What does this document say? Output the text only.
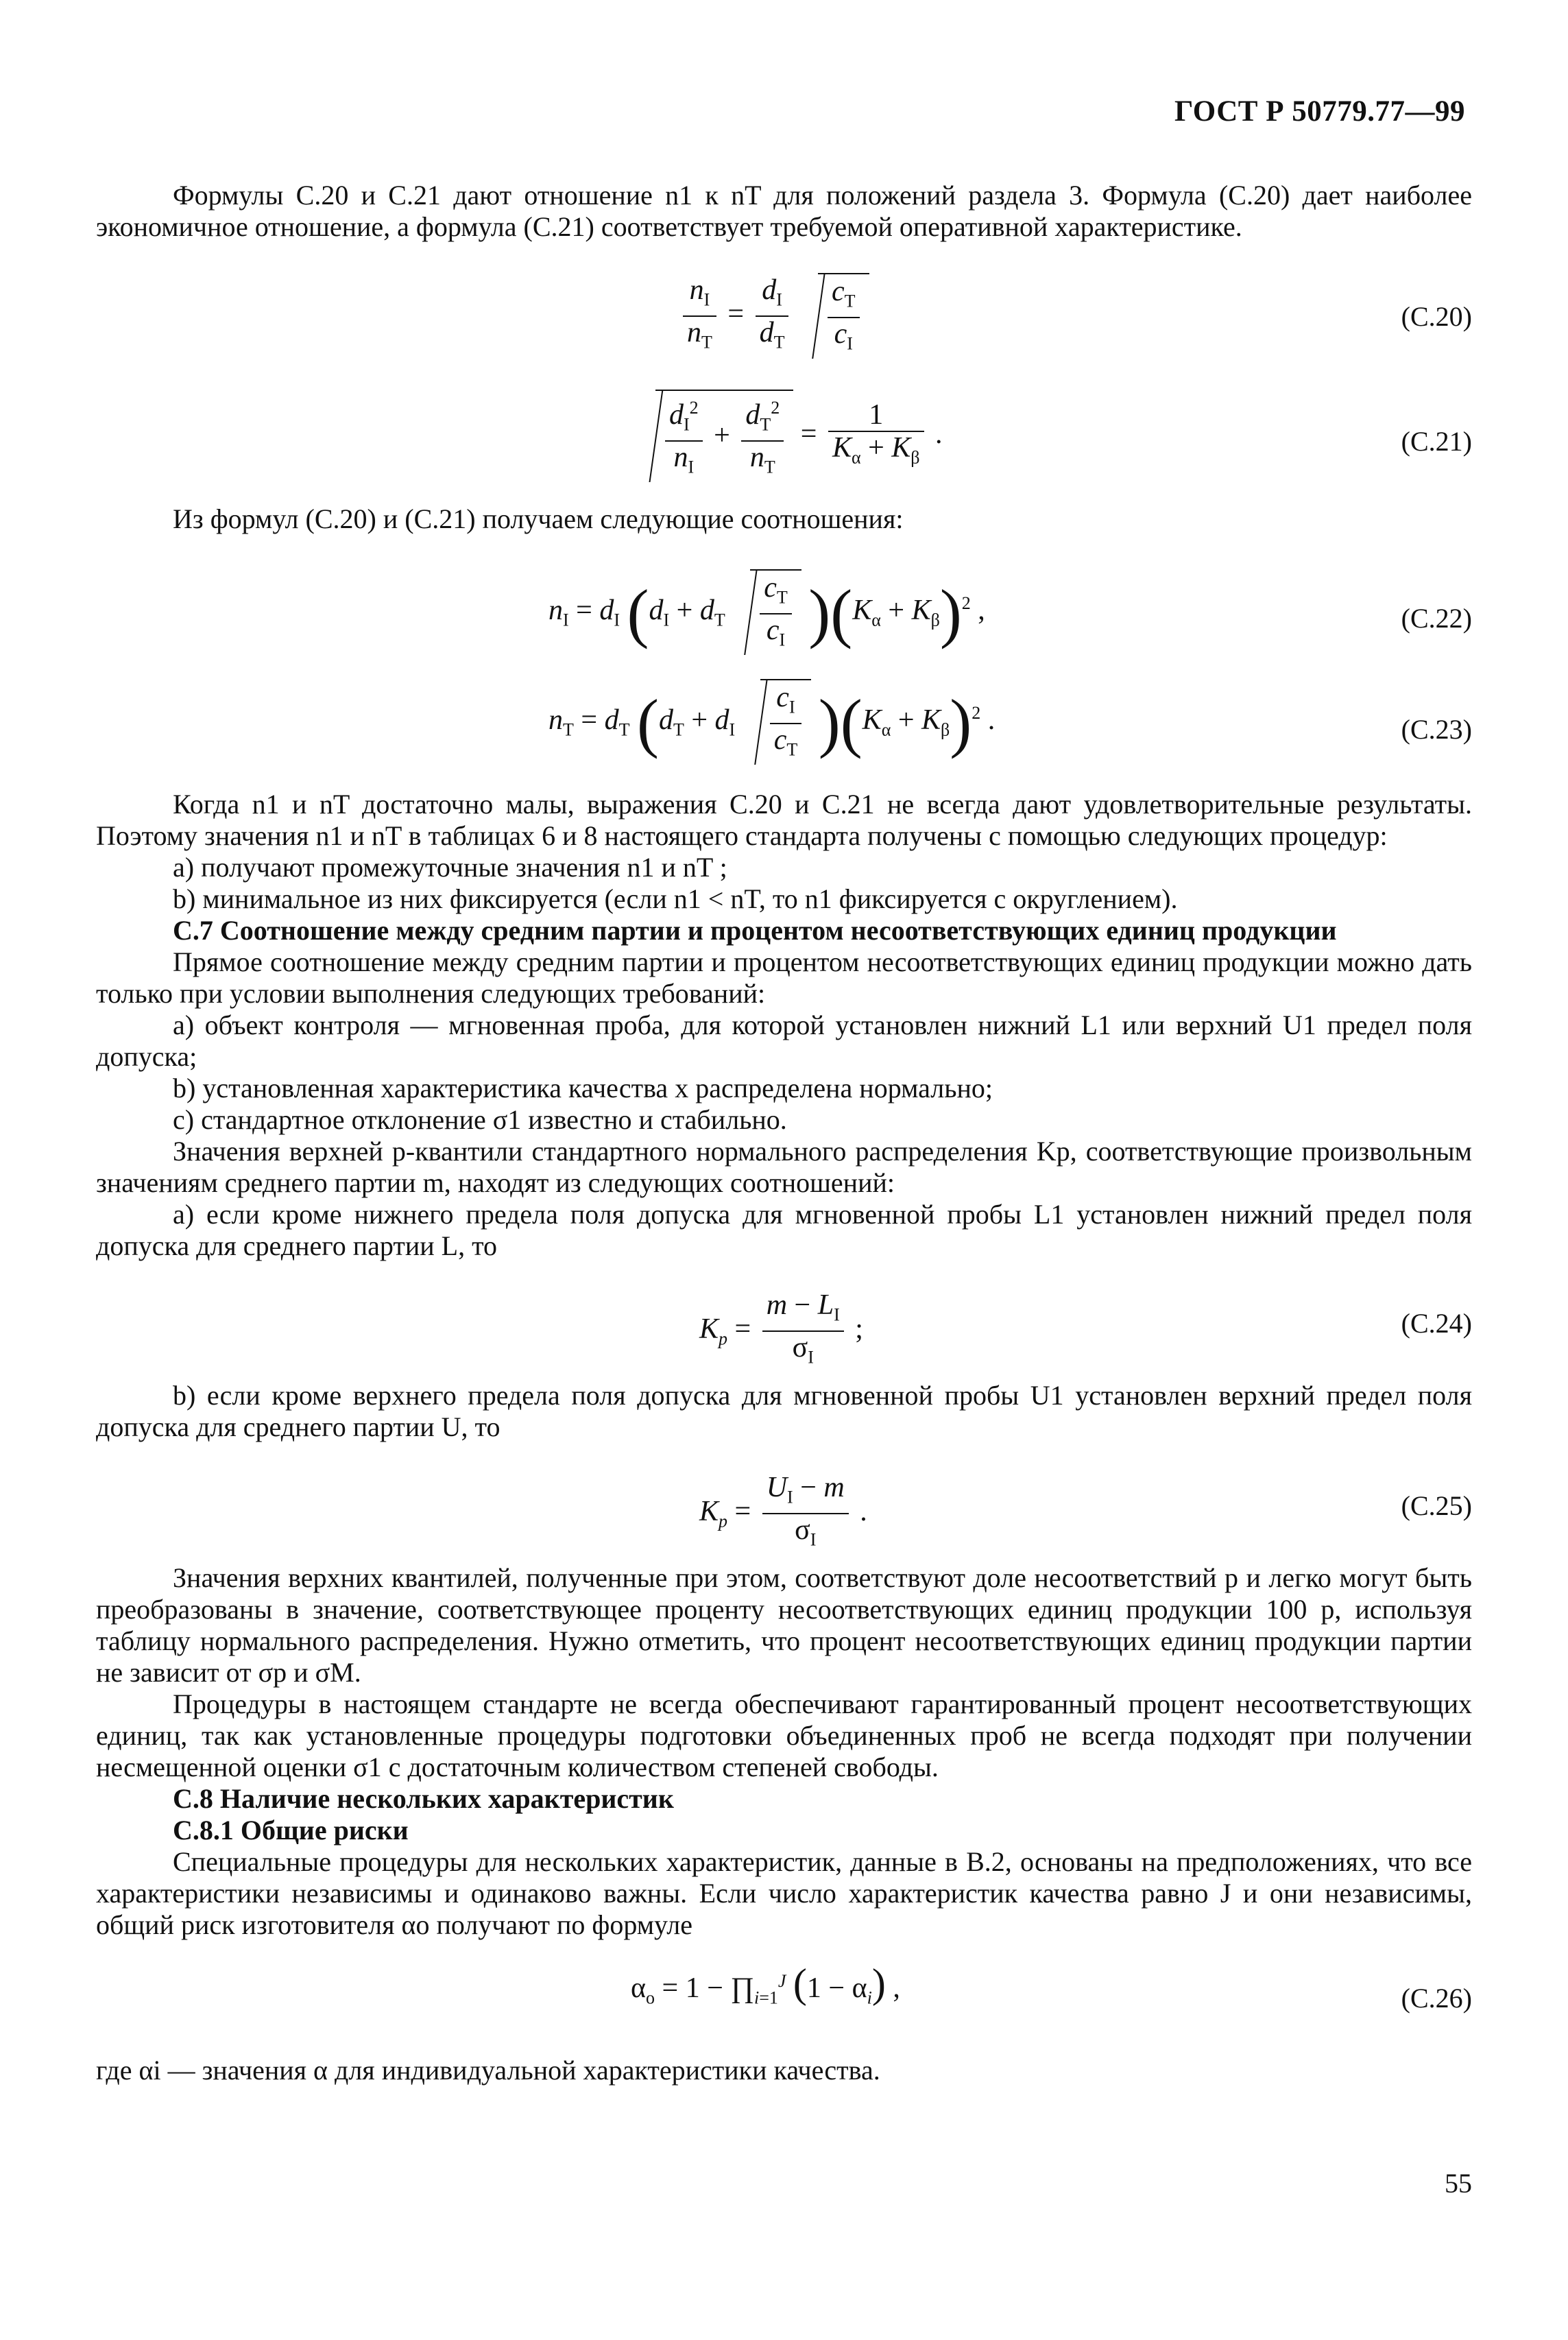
ГОСТ Р 50779.77—99
Формулы С.20 и С.21 дают отношение n1 к nT для положений раздела 3. Формула (С.20) дает наиболее экономичное отношение, а формула (С.21) соответствует требуемой оперативной характеристике.
$\frac{n_I}{n_T} = \frac{d_I}{d_T}$
$\frac{c_T}{c_I}$	(С.20)
$\frac{d_I^2}{n_I} + \frac{d_T^2}{n_T} = \frac{1}{K_\alpha + K_\beta}$ .	(С.21)
Из формул (С.20) и (С.21) получаем следующие соотношения:
$n_I = d_I$ $(d_I + d_T \frac{c_T}{c_I} )(K_\alpha + K_\beta)^2$ ,	(С.22)
$n_T = d_T$ $(d_T + d_I \frac{c_I}{c_T} )(K_\alpha + K_\beta)^2$ .	(С.23)
Когда n1 и nT достаточно малы, выражения С.20 и С.21 не всегда дают удовлетворительные результаты. Поэтому значения n1 и nT в таблицах 6 и 8 настоящего стандарта получены с помощью следующих процедур:
a) получают промежуточные значения n1 и nT ;
b) минимальное из них фиксируется (если n1 < nT, то n1 фиксируется с округлением).
С.7 Соотношение между средним партии и процентом несоответствующих единиц продукции
Прямое соотношение между средним партии и процентом несоответствующих единиц продукции можно дать только при условии выполнения следующих требований:
a) объект контроля — мгновенная проба, для которой установлен нижний L1 или верхний U1 предел поля допуска;
b) установленная характеристика качества x распределена нормально;
c) стандартное отклонение σ1 известно и стабильно.
Значения верхней p-квантили стандартного нормального распределения Kp, соответствующие произвольным значениям среднего партии m, находят из следующих соотношений:
a) если кроме нижнего предела поля допуска для мгновенной пробы L1 установлен нижний предел поля допуска для среднего партии L, то
$K_p = \frac{m - L_I}{\sigma_I}$ ;	(С.24)
b) если кроме верхнего предела поля допуска для мгновенной пробы U1 установлен верхний предел поля допуска для среднего партии U, то
$K_p = \frac{U_I - m}{\sigma_I}$ .	(С.25)
Значения верхних квантилей, полученные при этом, соответствуют доле несоответствий p и легко могут быть преобразованы в значение, соответствующее проценту несоответствующих единиц продукции 100 p, используя таблицу нормального распределения. Нужно отметить, что процент несоответствующих единиц продукции партии не зависит от σp и σM.
Процедуры в настоящем стандарте не всегда обеспечивают гарантированный процент несоответствующих единиц, так как установленные процедуры подготовки объединенных проб не всегда подходят при получении несмещенной оценки σ1 с достаточным количеством степеней свободы.
С.8 Наличие нескольких характеристик
С.8.1 Общие риски
Специальные процедуры для нескольких характеристик, данные в В.2, основаны на предположениях, что все характеристики независимы и одинаково важны. Если число характеристик качества равно J и они независимы, общий риск изготовителя αo получают по формуле
$\alpha_o = 1$ − $\prod_{i=1}^J$ $(1 - \alpha_i)$ ,	(С.26)
где αi — значения α для индивидуальной характеристики качества.
55
